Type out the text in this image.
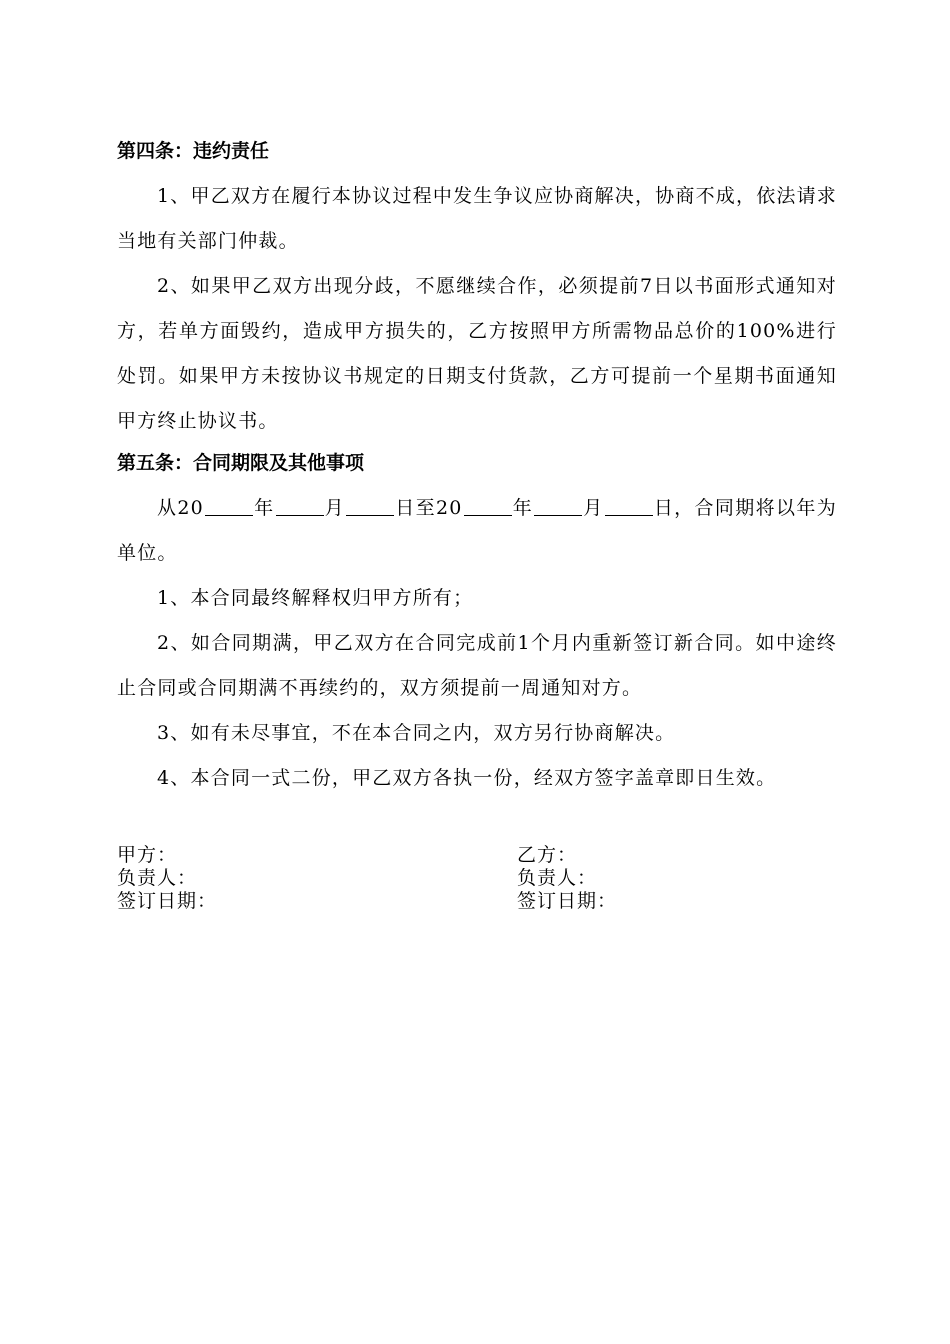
第四条：违约责任

1、甲乙双方在履行本协议过程中发生争议应协商解决，协商不成，依法请求当地有关部门仲裁。

2、如果甲乙双方出现分歧，不愿继续合作，必须提前7日以书面形式通知对方，若单方面毁约，造成甲方损失的，乙方按照甲方所需物品总价的100%进行处罚。如果甲方未按协议书规定的日期支付货款，乙方可提前一个星期书面通知甲方终止协议书。

第五条：合同期限及其他事项

从20	年	月	日至20	年	月	日，合同期将以年为单位。

1、本合同最终解释权归甲方所有；

2、如合同期满，甲乙双方在合同完成前1个月内重新签订新合同。如中途终止合同或合同期满不再续约的，双方须提前一周通知对方。

3、如有未尽事宜，不在本合同之内，双方另行协商解决。

4、本合同一式二份，甲乙双方各执一份，经双方签字盖章即日生效。

甲方：
负责人：
签订日期：
乙方：
负责人：
签订日期：
